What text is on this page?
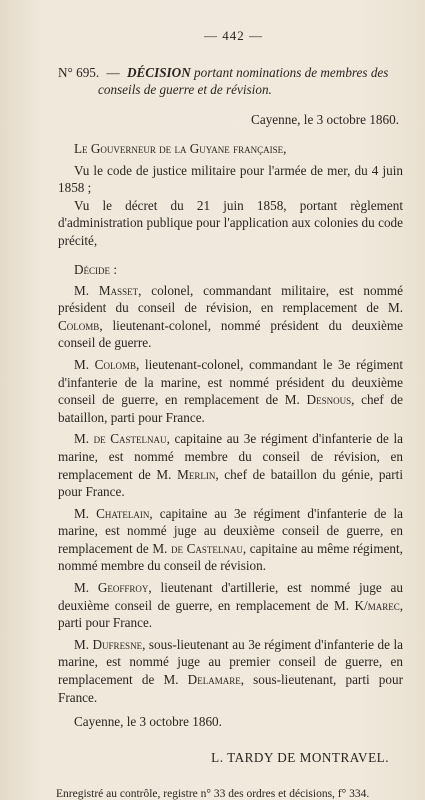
— 442 —
N° 695. — DÉCISION portant nominations de membres des
conseils de guerre et de révision.
Cayenne, le 3 octobre 1860.

Le Gouverneur de la Guyane française,

Vu le code de justice militaire pour l'armée de mer, du 4 juin 1858 ;

Vu le décret du 21 juin 1858, portant règlement d'administration publique pour l'application aux colonies du code précité,

Décide :

M. Masset, colonel, commandant militaire, est nommé président du conseil de révision, en remplacement de M. Colomb, lieutenant-colonel, nommé président du deuxième conseil de guerre.

M. Colomb, lieutenant-colonel, commandant le 3e régiment d'infanterie de la marine, est nommé président du deuxième conseil de guerre, en remplacement de M. Desnous, chef de bataillon, parti pour France.

M. de Castelnau, capitaine au 3e régiment d'infanterie de la marine, est nommé membre du conseil de révision, en remplacement de M. Merlin, chef de bataillon du génie, parti pour France.

M. Chatelain, capitaine au 3e régiment d'infanterie de la marine, est nommé juge au deuxième conseil de guerre, en remplacement de M. de Castelnau, capitaine au même régiment, nommé membre du conseil de révision.

M. Geoffroy, lieutenant d'artillerie, est nommé juge au deuxième conseil de guerre, en remplacement de M. K/marec, parti pour France.

M. Dufresne, sous-lieutenant au 3e régiment d'infanterie de la marine, est nommé juge au premier conseil de guerre, en remplacement de M. Delamare, sous-lieutenant, parti pour France.

Cayenne, le 3 octobre 1860.
L. TARDY DE MONTRAVEL.
Enregistré au contrôle, registre n° 33 des ordres et décisions, f° 334.
